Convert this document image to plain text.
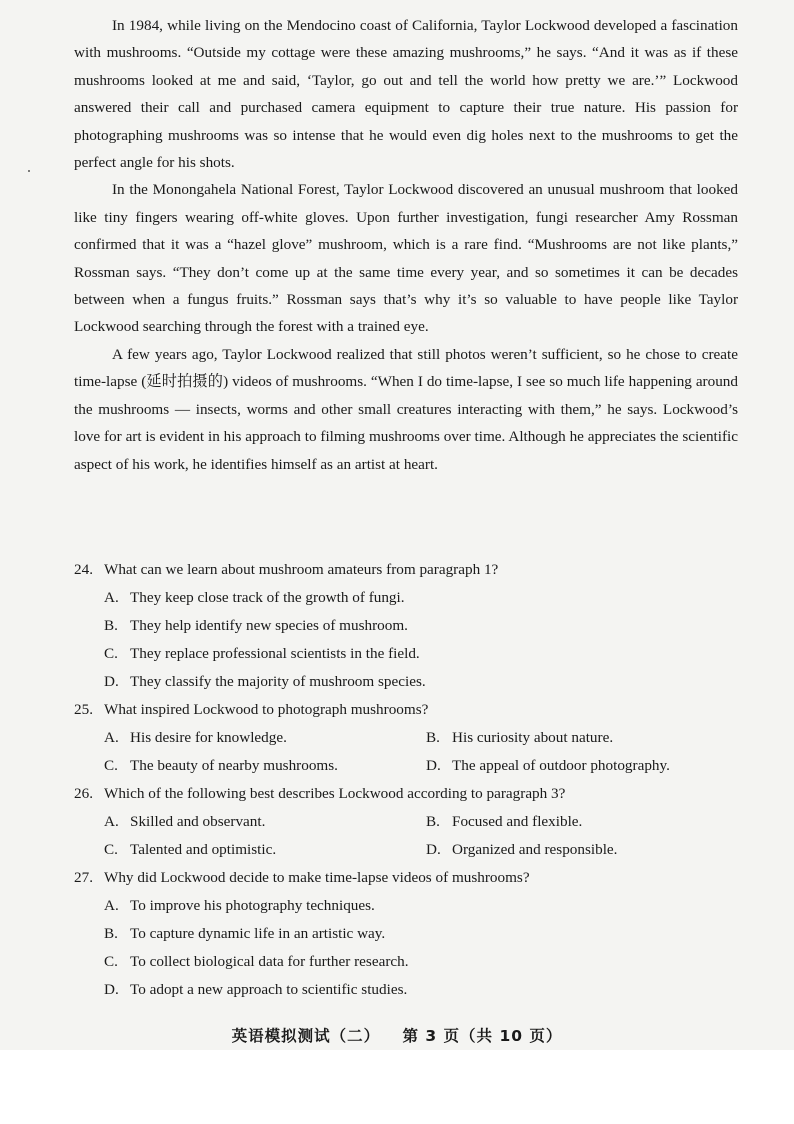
In 1984, while living on the Mendocino coast of California, Taylor Lockwood developed a fascination with mushrooms. “Outside my cottage were these amazing mushrooms,” he says. “And it was as if these mushrooms looked at me and said, ‘Taylor, go out and tell the world how pretty we are.’” Lockwood answered their call and purchased camera equipment to capture their true nature. His passion for photographing mushrooms was so intense that he would even dig holes next to the mushrooms to get the perfect angle for his shots.

In the Monongahela National Forest, Taylor Lockwood discovered an unusual mushroom that looked like tiny fingers wearing off-white gloves. Upon further investigation, fungi researcher Amy Rossman confirmed that it was a “hazel glove” mushroom, which is a rare find. “Mushrooms are not like plants,” Rossman says. “They don’t come up at the same time every year, and so sometimes it can be decades between when a fungus fruits.” Rossman says that’s why it’s so valuable to have people like Taylor Lockwood searching through the forest with a trained eye.

A few years ago, Taylor Lockwood realized that still photos weren’t sufficient, so he chose to create time-lapse (延时拍摄的) videos of mushrooms. “When I do time-lapse, I see so much life happening around the mushrooms — insects, worms and other small creatures interacting with them,” he says. Lockwood’s love for art is evident in his approach to filming mushrooms over time. Although he appreciates the scientific aspect of his work, he identifies himself as an artist at heart.

24. What can we learn about mushroom amateurs from paragraph 1?
A. They keep close track of the growth of fungi.
B. They help identify new species of mushroom.
C. They replace professional scientists in the field.
D. They classify the majority of mushroom species.
25. What inspired Lockwood to photograph mushrooms?
A. His desire for knowledge.	B. His curiosity about nature.
C. The beauty of nearby mushrooms.	D. The appeal of outdoor photography.
26. Which of the following best describes Lockwood according to paragraph 3?
A. Skilled and observant.	B. Focused and flexible.
C. Talented and optimistic.	D. Organized and responsible.
27. Why did Lockwood decide to make time-lapse videos of mushrooms?
A. To improve his photography techniques.
B. To capture dynamic life in an artistic way.
C. To collect biological data for further research.
D. To adopt a new approach to scientific studies.
英语模拟测试（二） 第 3 页（共 10 页）
